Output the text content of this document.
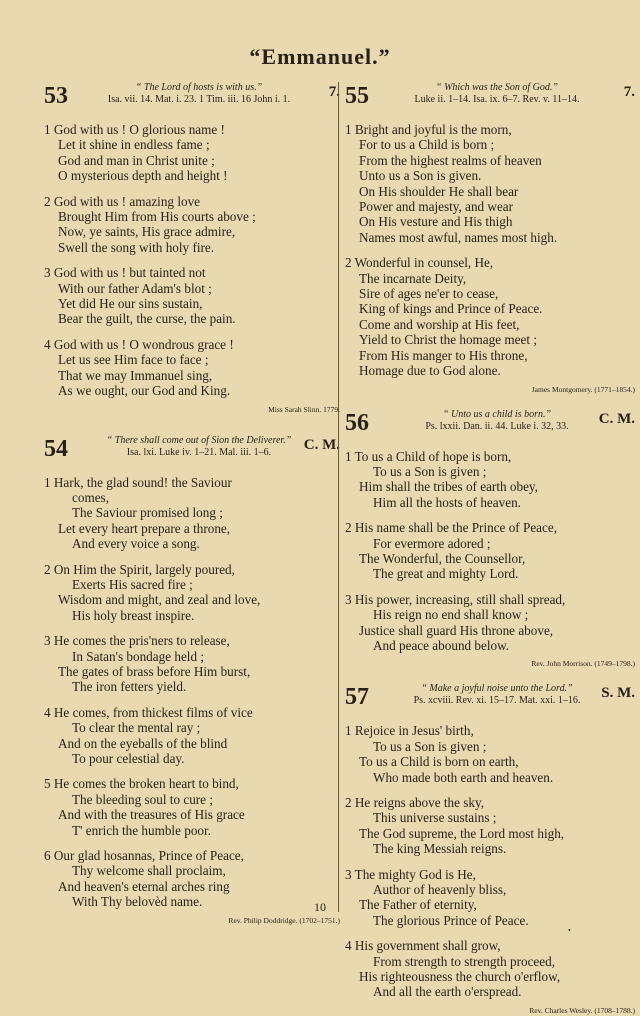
“Emmanuel.”
53	“ The Lord of hosts is with us.”
Isa. vii. 14. Mat. i. 23. 1 Tim. iii. 16 John i. 1.	7.
1 God with us ! O glorious name !
Let it shine in endless fame ;
God and man in Christ unite ;
O mysterious depth and height !
2 God with us ! amazing love
Brought Him from His courts above ;
Now, ye saints, His grace admire,
Swell the song with holy fire.
3 God with us ! but tainted not
With our father Adam's blot ;
Yet did He our sins sustain,
Bear the guilt, the curse, the pain.
4 God with us ! O wondrous grace !
Let us see Him face to face ;
That we may Immanuel sing,
As we ought, our God and King.
Miss Sarah Slinn. 1779.
54	“ There shall come out of Sion the Deliverer.”
Isa. lxi. Luke iv. 1–21. Mal. iii. 1–6.	C. M.
1 Hark, the glad sound! the Saviour
comes,
The Saviour promised long ;
Let every heart prepare a throne,
And every voice a song.
2 On Him the Spirit, largely poured,
Exerts His sacred fire ;
Wisdom and might, and zeal and love,
His holy breast inspire.
3 He comes the pris'ners to release,
In Satan's bondage held ;
The gates of brass before Him burst,
The iron fetters yield.
4 He comes, from thickest films of vice
To clear the mental ray ;
And on the eyeballs of the blind
To pour celestial day.
5 He comes the broken heart to bind,
The bleeding soul to cure ;
And with the treasures of His grace
T' enrich the humble poor.
6 Our glad hosannas, Prince of Peace,
Thy welcome shall proclaim,
And heaven's eternal arches ring
With Thy belovèd name.
Rev. Philip Doddridge. (1702–1751.)
55	“ Which was the Son of God.”
Luke ii. 1–14. Isa. ix. 6–7. Rev. v. 11–14.	7.
1 Bright and joyful is the morn,
For to us a Child is born ;
From the highest realms of heaven
Unto us a Son is given.
On His shoulder He shall bear
Power and majesty, and wear
On His vesture and His thigh
Names most awful, names most high.
2 Wonderful in counsel, He,
The incarnate Deity,
Sire of ages ne'er to cease,
King of kings and Prince of Peace.
Come and worship at His feet,
Yield to Christ the homage meet ;
From His manger to His throne,
Homage due to God alone.
James Montgomery. (1771–1854.)
56	“ Unto us a child is born.”
Ps. lxxii. Dan. ii. 44. Luke i. 32, 33.	C. M.
1 To us a Child of hope is born,
To us a Son is given ;
Him shall the tribes of earth obey,
Him all the hosts of heaven.
2 His name shall be the Prince of Peace,
For evermore adored ;
The Wonderful, the Counsellor,
The great and mighty Lord.
3 His power, increasing, still shall spread,
His reign no end shall know ;
Justice shall guard His throne above,
And peace abound below.
Rev. John Morrison. (1749–1798.)
57	“ Make a joyful noise unto the Lord.”
Ps. xcviii. Rev. xi. 15–17. Mat. xxi. 1–16.	S. M.
1 Rejoice in Jesus' birth,
To us a Son is given ;
To us a Child is born on earth,
Who made both earth and heaven.
2 He reigns above the sky,
This universe sustains ;
The God supreme, the Lord most high,
The king Messiah reigns.
3 The mighty God is He,
Author of heavenly bliss,
The Father of eternity,
The glorious Prince of Peace.
4 His government shall grow,
From strength to strength proceed,
His righteousness the church o'erflow,
And all the earth o'erspread.
Rev. Charles Wesley. (1708–1788.)
10
•
